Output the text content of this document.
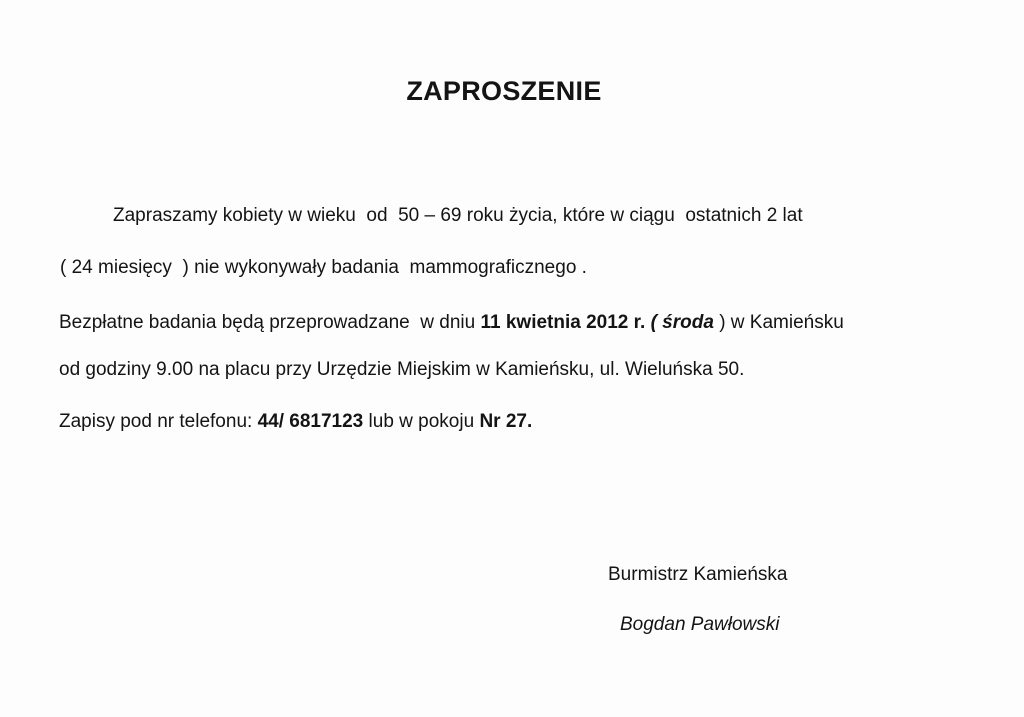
ZAPROSZENIE
Zapraszamy kobiety w wieku  od  50 – 69 roku życia, które w ciągu  ostatnich 2 lat
( 24 miesięcy  ) nie wykonywały badania  mammograficznego .
Bezpłatne badania będą przeprowadzane  w dniu 11 kwietnia 2012 r. ( środa ) w Kamieńsku
od godziny 9.00 na placu przy Urzędzie Miejskim w Kamieńsku, ul. Wieluńska 50.
Zapisy pod nr telefonu: 44/ 6817123 lub w pokoju Nr 27.
Burmistrz Kamieńska
Bogdan Pawłowski
